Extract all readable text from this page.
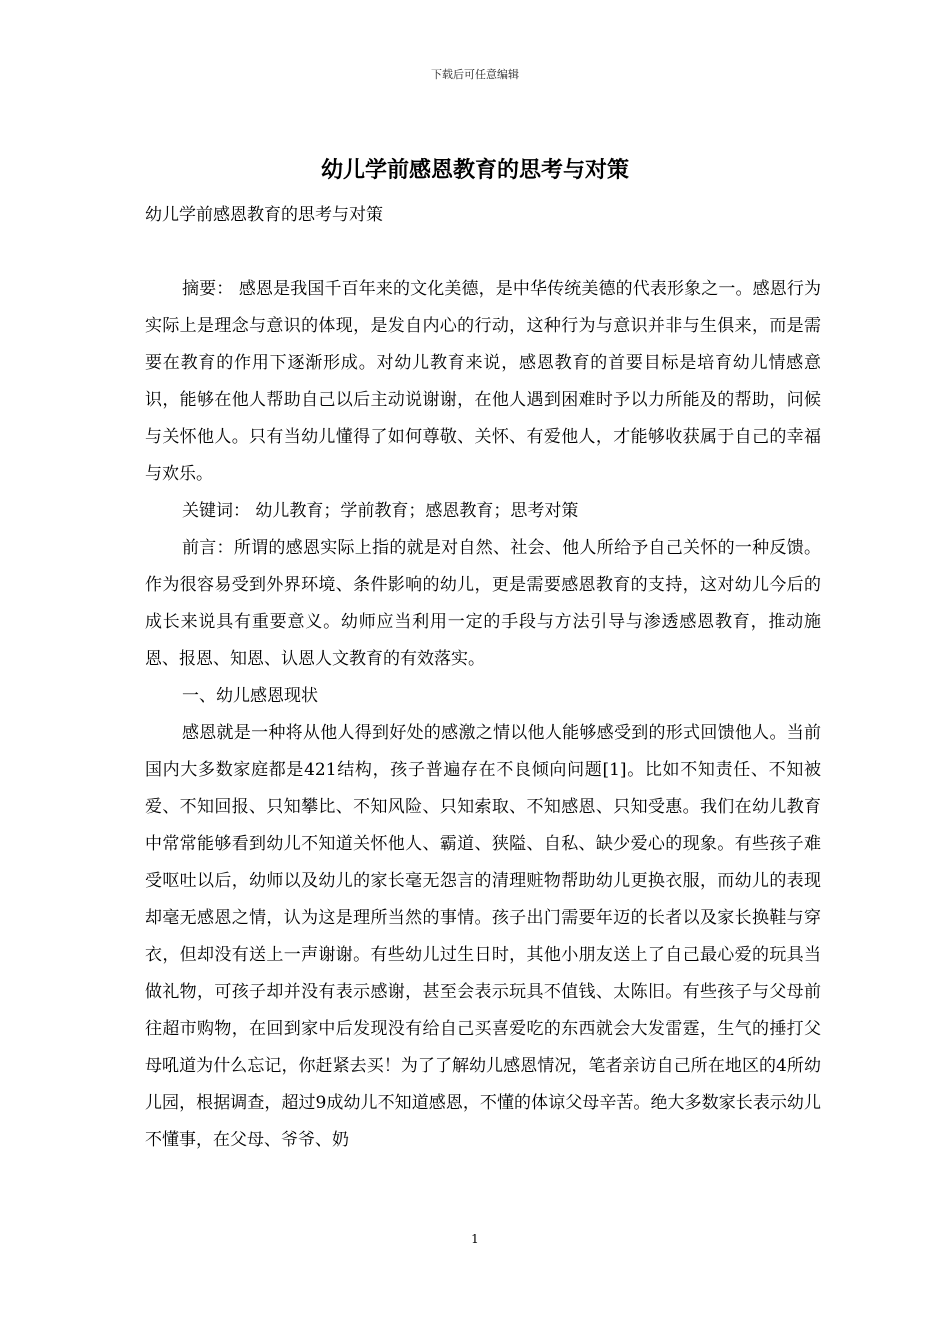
下载后可任意编辑
幼儿学前感恩教育的思考与对策

幼儿学前感恩教育的思考与对策

摘要： 感恩是我国千百年来的文化美德，是中华传统美德的代表形象之一。感恩行为实际上是理念与意识的体现，是发自内心的行动，这种行为与意识并非与生俱来，而是需要在教育的作用下逐渐形成。对幼儿教育来说，感恩教育的首要目标是培育幼儿情感意识，能够在他人帮助自己以后主动说谢谢，在他人遇到困难时予以力所能及的帮助，问候与关怀他人。只有当幼儿懂得了如何尊敬、关怀、有爱他人，才能够收获属于自己的幸福与欢乐。

关键词： 幼儿教育；学前教育；感恩教育；思考对策

前言：所谓的感恩实际上指的就是对自然、社会、他人所给予自己关怀的一种反馈。作为很容易受到外界环境、条件影响的幼儿，更是需要感恩教育的支持，这对幼儿今后的成长来说具有重要意义。幼师应当利用一定的手段与方法引导与渗透感恩教育，推动施恩、报恩、知恩、认恩人文教育的有效落实。

一、幼儿感恩现状

感恩就是一种将从他人得到好处的感激之情以他人能够感受到的形式回馈他人。当前国内大多数家庭都是421结构，孩子普遍存在不良倾向问题[1]。比如不知责任、不知被爱、不知回报、只知攀比、不知风险、只知索取、不知感恩、只知受惠。我们在幼儿教育中常常能够看到幼儿不知道关怀他人、霸道、狭隘、自私、缺少爱心的现象。有些孩子难受呕吐以后，幼师以及幼儿的家长毫无怨言的清理赃物帮助幼儿更换衣服，而幼儿的表现却毫无感恩之情，认为这是理所当然的事情。孩子出门需要年迈的长者以及家长换鞋与穿衣，但却没有送上一声谢谢。有些幼儿过生日时，其他小朋友送上了自己最心爱的玩具当做礼物，可孩子却并没有表示感谢，甚至会表示玩具不值钱、太陈旧。有些孩子与父母前往超市购物，在回到家中后发现没有给自己买喜爱吃的东西就会大发雷霆，生气的捶打父母吼道为什么忘记，你赶紧去买！为了了解幼儿感恩情况，笔者亲访自己所在地区的4所幼儿园，根据调查，超过9成幼儿不知道感恩，不懂的体谅父母辛苦。绝大多数家长表示幼儿不懂事，在父母、爷爷、奶

1
